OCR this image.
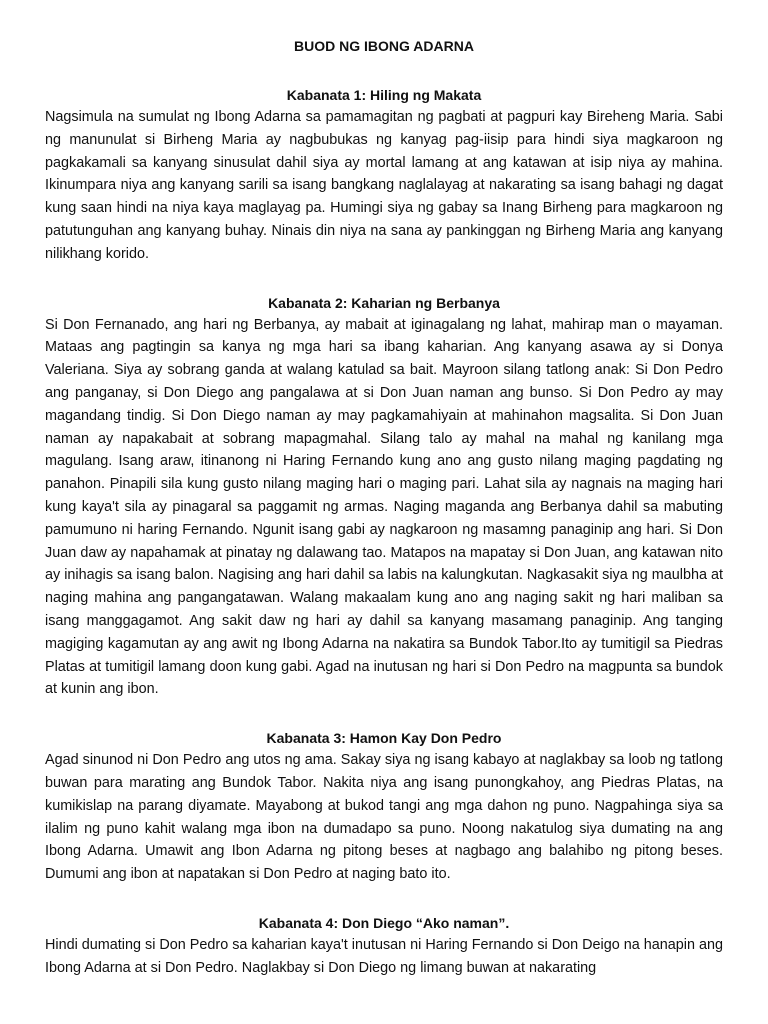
BUOD NG IBONG ADARNA
Kabanata 1: Hiling ng Makata

Nagsimula na sumulat ng Ibong Adarna sa pamamagitan ng pagbati at pagpuri kay Bireheng Maria. Sabi ng manunulat si Birheng Maria ay nagbubukas ng kanyag pag-iisip para hindi siya magkaroon ng pagkakamali sa kanyang sinusulat dahil siya ay mortal lamang at ang katawan at isip niya ay mahina. Ikinumpara niya ang kanyang sarili sa isang bangkang naglalayag at nakarating sa isang bahagi ng dagat kung saan hindi na niya kaya maglayag pa. Humingi siya ng gabay sa Inang Birheng para magkaroon ng patutunguhan ang kanyang buhay. Ninais din niya na sana ay pankinggan ng Birheng Maria ang kanyang nilikhang korido.

Kabanata 2: Kaharian ng Berbanya

Si Don Fernanado, ang hari ng Berbanya, ay mabait at iginagalang ng lahat, mahirap man o mayaman. Mataas ang pagtingin sa kanya ng mga hari sa ibang kaharian. Ang kanyang asawa ay si Donya Valeriana. Siya ay sobrang ganda at walang katulad sa bait. Mayroon silang tatlong anak: Si Don Pedro ang panganay, si Don Diego ang pangalawa at si Don Juan naman ang bunso. Si Don Pedro ay may magandang tindig. Si Don Diego naman ay may pagkamahiyain at mahinahon magsalita. Si Don Juan naman ay napakabait at sobrang mapagmahal. Silang talo ay mahal na mahal ng kanilang mga magulang. Isang araw, itinanong ni Haring Fernando kung ano ang gusto nilang maging pagdating ng panahon. Pinapili sila kung gusto nilang maging hari o maging pari. Lahat sila ay nagnais na maging hari kung kaya't sila ay pinagaral sa paggamit ng armas. Naging maganda ang Berbanya dahil sa mabuting pamumuno ni haring Fernando. Ngunit isang gabi ay nagkaroon ng masamng panaginip ang hari. Si Don Juan daw ay napahamak at pinatay ng dalawang tao. Matapos na mapatay si Don Juan, ang katawan nito ay inihagis sa isang balon. Nagising ang hari dahil sa labis na kalungkutan. Nagkasakit siya ng maulbha at naging mahina ang pangangatawan. Walang makaalam kung ano ang naging sakit ng hari maliban sa isang manggagamot. Ang sakit daw ng hari ay dahil sa kanyang masamang panaginip. Ang tanging magiging kagamutan ay ang awit ng Ibong Adarna na nakatira sa Bundok Tabor.Ito ay tumitigil sa Piedras Platas at tumitigil lamang doon kung gabi. Agad na inutusan ng hari si Don Pedro na magpunta sa bundok at kunin ang ibon.

Kabanata 3: Hamon Kay Don Pedro

Agad sinunod ni Don Pedro ang utos ng ama. Sakay siya ng isang kabayo at naglakbay sa loob ng tatlong buwan para marating ang Bundok Tabor. Nakita niya ang isang punongkahoy, ang Piedras Platas, na kumikislap na parang diyamate. Mayabong at bukod tangi ang mga dahon ng puno. Nagpahinga siya sa ilalim ng puno kahit walang mga ibon na dumadapo sa puno. Noong nakatulog siya dumating na ang Ibong Adarna. Umawit ang Ibon Adarna ng pitong beses at nagbago ang balahibo ng pitong beses. Dumumi ang ibon at napatakan si Don Pedro at naging bato ito.

Kabanata 4: Don Diego “Ako naman”.

Hindi dumating si Don Pedro sa kaharian kaya't inutusan ni Haring Fernando si Don Deigo na hanapin ang Ibong Adarna at si Don Pedro. Naglakbay si Don Diego ng limang buwan at nakarating
